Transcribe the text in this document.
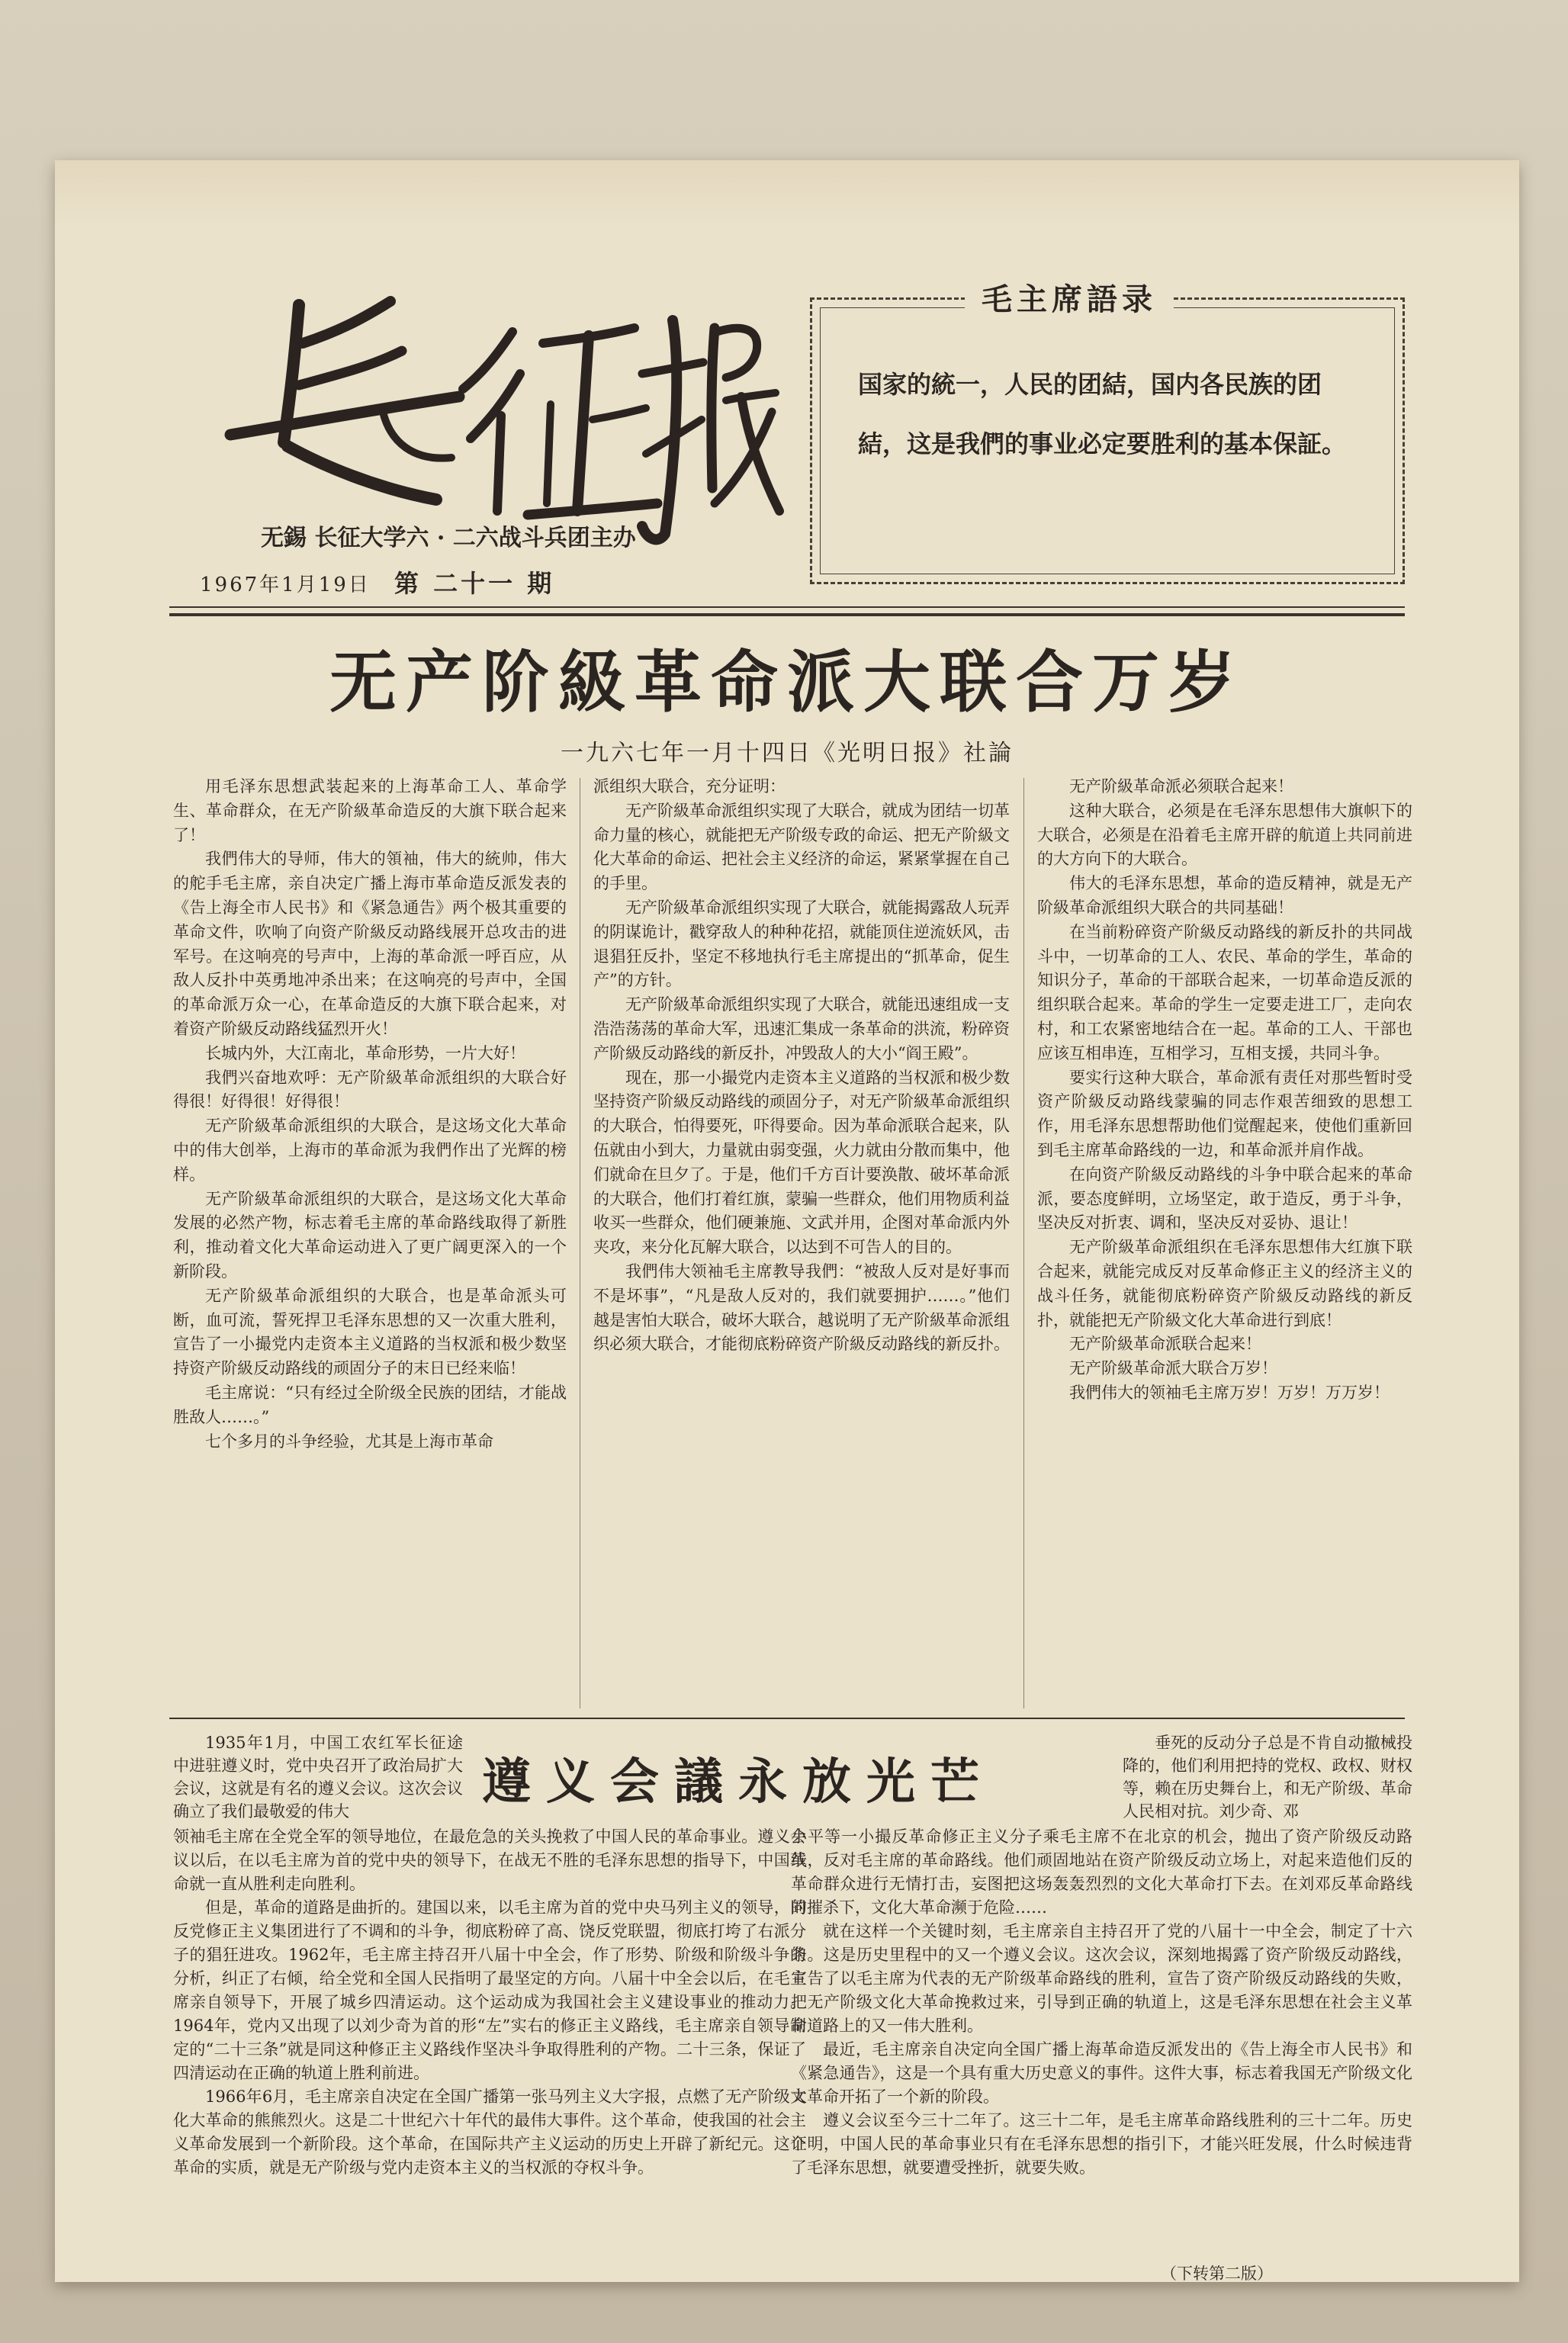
无錫 长征大学六 · 二六战斗兵团主办
1967年1月19日 第 二十一 期
毛主席語录
国家的統一，人民的团結，国内各民族的团結，这是我們的事业必定要胜利的基本保証。
无产阶級革命派大联合万岁
一九六七年一月十四日《光明日报》社論

用毛泽东思想武装起来的上海革命工人、革命学生、革命群众，在无产阶級革命造反的大旗下联合起来了！

我們伟大的导师，伟大的領袖，伟大的統帅，伟大的舵手毛主席，亲自决定广播上海市革命造反派发表的《告上海全市人民书》和《紧急通告》两个极其重要的革命文件，吹响了向资产阶級反动路线展开总攻击的进军号。在这响亮的号声中，上海的革命派一呼百应，从敌人反扑中英勇地冲杀出来；在这响亮的号声中，全国的革命派万众一心，在革命造反的大旗下联合起来，对着资产阶級反动路线猛烈开火！

长城内外，大江南北，革命形势，一片大好！

我們兴奋地欢呼：无产阶級革命派组织的大联合好得很！好得很！好得很！

无产阶級革命派组织的大联合，是这场文化大革命中的伟大创举，上海市的革命派为我們作出了光辉的榜样。

无产阶級革命派组织的大联合，是这场文化大革命发展的必然产物，标志着毛主席的革命路线取得了新胜利，推动着文化大革命运动进入了更广阔更深入的一个新阶段。

无产阶級革命派组织的大联合，也是革命派头可断，血可流，誓死捍卫毛泽东思想的又一次重大胜利，宣告了一小撮党内走资本主义道路的当权派和极少数坚持资产阶級反动路线的顽固分子的末日已经来临！

毛主席说：“只有经过全阶级全民族的团结，才能战胜敌人……。”

七个多月的斗争经验，尤其是上海市革命

派组织大联合，充分证明：

无产阶級革命派组织实现了大联合，就成为团结一切革命力量的核心，就能把无产阶级专政的命运、把无产阶級文化大革命的命运、把社会主义经济的命运，紧紧掌握在自己的手里。

无产阶級革命派组织实现了大联合，就能揭露敌人玩弄的阴谋诡计，戳穿敌人的种种花招，就能顶住逆流妖风，击退猖狂反扑，坚定不移地执行毛主席提出的“抓革命，促生产”的方针。

无产阶級革命派组织实现了大联合，就能迅速组成一支浩浩荡荡的革命大军，迅速汇集成一条革命的洪流，粉碎资产阶級反动路线的新反扑，冲毁敌人的大小“阎王殿”。

现在，那一小撮党内走资本主义道路的当权派和极少数坚持资产阶級反动路线的顽固分子，对无产阶級革命派组织的大联合，怕得要死，吓得要命。因为革命派联合起来，队伍就由小到大，力量就由弱变强，火力就由分散而集中，他们就命在旦夕了。于是，他们千方百计要涣散、破坏革命派的大联合，他们打着红旗，蒙骗一些群众，他们用物质利益收买一些群众，他们硬兼施、文武并用，企图对革命派内外夹攻，来分化瓦解大联合，以达到不可告人的目的。

我們伟大领袖毛主席教导我們：“被敌人反对是好事而不是坏事”，“凡是敌人反对的，我们就要拥护……。”他们越是害怕大联合，破坏大联合，越说明了无产阶級革命派组织必须大联合，才能彻底粉碎资产阶級反动路线的新反扑。

无产阶級革命派必须联合起来！

这种大联合，必须是在毛泽东思想伟大旗帜下的大联合，必须是在沿着毛主席开辟的航道上共同前进的大方向下的大联合。

伟大的毛泽东思想，革命的造反精神，就是无产阶級革命派组织大联合的共同基础！

在当前粉碎资产阶級反动路线的新反扑的共同战斗中，一切革命的工人、农民、革命的学生，革命的知识分子，革命的干部联合起来，一切革命造反派的组织联合起来。革命的学生一定要走进工厂，走向农村，和工农紧密地结合在一起。革命的工人、干部也应该互相串连，互相学习，互相支援，共同斗争。

要实行这种大联合，革命派有责任对那些暂时受资产阶級反动路线蒙骗的同志作艰苦细致的思想工作，用毛泽东思想帮助他们觉醒起来，使他们重新回到毛主席革命路线的一边，和革命派并肩作战。

在向资产阶級反动路线的斗争中联合起来的革命派，要态度鲜明，立场坚定，敢于造反，勇于斗争，坚决反对折衷、调和，坚决反对妥协、退让！

无产阶級革命派组织在毛泽东思想伟大红旗下联合起来，就能完成反对反革命修正主义的经济主义的战斗任务，就能彻底粉碎资产阶級反动路线的新反扑，就能把无产阶級文化大革命进行到底！

无产阶級革命派联合起来！

无产阶級革命派大联合万岁！

我們伟大的领袖毛主席万岁！万岁！万万岁！

1935年1月，中国工农红军长征途中进驻遵义时，党中央召开了政治局扩大会议，这就是有名的遵义会议。这次会议确立了我们最敬爱的伟大

遵义会議永放光芒

垂死的反动分子总是不肯自动撤械投降的，他们利用把持的党权、政权、财权等，赖在历史舞台上，和无产阶级、革命人民相对抗。刘少奇、邓

领袖毛主席在全党全军的领导地位，在最危急的关头挽救了中国人民的革命事业。遵义会议以后，在以毛主席为首的党中央的领导下，在战无不胜的毛泽东思想的指导下，中国革命就一直从胜利走向胜利。

但是，革命的道路是曲折的。建国以来，以毛主席为首的党中央马列主义的领导，同反党修正主义集团进行了不调和的斗争，彻底粉碎了高、饶反党联盟，彻底打垮了右派分子的猖狂进攻。1962年，毛主席主持召开八届十中全会，作了形势、阶级和阶级斗争的分析，纠正了右倾，给全党和全国人民指明了最坚定的方向。八届十中全会以后，在毛主席亲自领导下，开展了城乡四清运动。这个运动成为我国社会主义建设事业的推动力。1964年，党内又出现了以刘少奇为首的形“左”实右的修正主义路线，毛主席亲自领导制定的“二十三条”就是同这种修正主义路线作坚决斗争取得胜利的产物。二十三条，保证了四清运动在正确的轨道上胜利前进。

1966年6月，毛主席亲自决定在全国广播第一张马列主义大字报，点燃了无产阶级文化大革命的熊熊烈火。这是二十世纪六十年代的最伟大事件。这个革命，使我国的社会主义革命发展到一个新阶段。这个革命，在国际共产主义运动的历史上开辟了新纪元。这个革命的实质，就是无产阶级与党内走资本主义的当权派的夺权斗争。

小平等一小撮反革命修正主义分子乘毛主席不在北京的机会，抛出了资产阶级反动路线，反对毛主席的革命路线。他们顽固地站在资产阶级反动立场上，对起来造他们反的革命群众进行无情打击，妄图把这场轰轰烈烈的文化大革命打下去。在刘邓反革命路线的摧杀下，文化大革命濒于危险……

就在这样一个关键时刻，毛主席亲自主持召开了党的八届十一中全会，制定了十六条。这是历史里程中的又一个遵义会议。这次会议，深刻地揭露了资产阶级反动路线，宣告了以毛主席为代表的无产阶级革命路线的胜利，宣告了资产阶级反动路线的失败，把无产阶级文化大革命挽救过来，引导到正确的轨道上，这是毛泽东思想在社会主义革命道路上的又一伟大胜利。

最近，毛主席亲自决定向全国广播上海革命造反派发出的《告上海全市人民书》和《紧急通告》，这是一个具有重大历史意义的事件。这件大事，标志着我国无产阶级文化大革命开拓了一个新的阶段。

遵义会议至今三十二年了。这三十二年，是毛主席革命路线胜利的三十二年。历史证明，中国人民的革命事业只有在毛泽东思想的指引下，才能兴旺发展，什么时候违背了毛泽东思想，就要遭受挫折，就要失败。

（下转第二版）
